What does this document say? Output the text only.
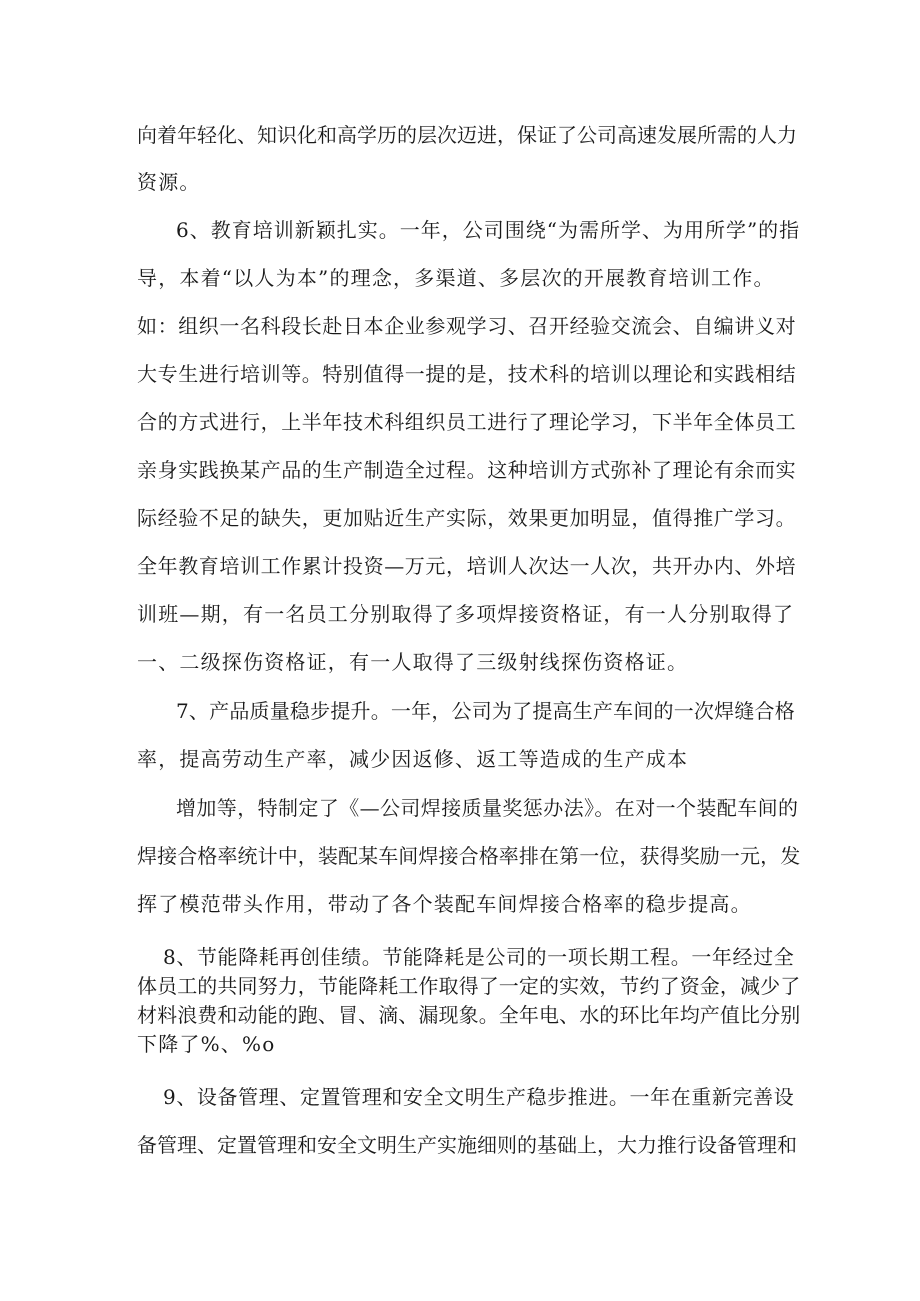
向着年轻化、知识化和高学历的层次迈进，保证了公司高速发展所需的人力

资源。

6、教育培训新颖扎实。一年，公司围绕“为需所学、为用所学”的指

导，本着“以人为本”的理念，多渠道、多层次的开展教育培训工作。

如：组织一名科段长赴日本企业参观学习、召开经验交流会、自编讲义对

大专生进行培训等。特别值得一提的是，技术科的培训以理论和实践相结

合的方式进行，上半年技术科组织员工进行了理论学习，下半年全体员工

亲身实践换某产品的生产制造全过程。这种培训方式弥补了理论有余而实

际经验不足的缺失，更加贴近生产实际，效果更加明显，值得推广学习。

全年教育培训工作累计投资—万元，培训人次达一人次，共开办内、外培

训班—期，有一名员工分别取得了多项焊接资格证，有一人分别取得了

一、二级探伤资格证，有一人取得了三级射线探伤资格证。

7、产品质量稳步提升。一年，公司为了提高生产车间的一次焊缝合格

率，提高劳动生产率，减少因返修、返工等造成的生产成本

增加等，特制定了《—公司焊接质量奖惩办法》。在对一个装配车间的

焊接合格率统计中，装配某车间焊接合格率排在第一位，获得奖励一元，发

挥了模范带头作用，带动了各个装配车间焊接合格率的稳步提高。

8、节能降耗再创佳绩。节能降耗是公司的一项长期工程。一年经过全

体员工的共同努力，节能降耗工作取得了一定的实效，节约了资金，减少了

材料浪费和动能的跑、冒、滴、漏现象。全年电、水的环比年均产值比分别

下降了%、%o

9、设备管理、定置管理和安全文明生产稳步推进。一年在重新完善设

备管理、定置管理和安全文明生产实施细则的基础上，大力推行设备管理和
